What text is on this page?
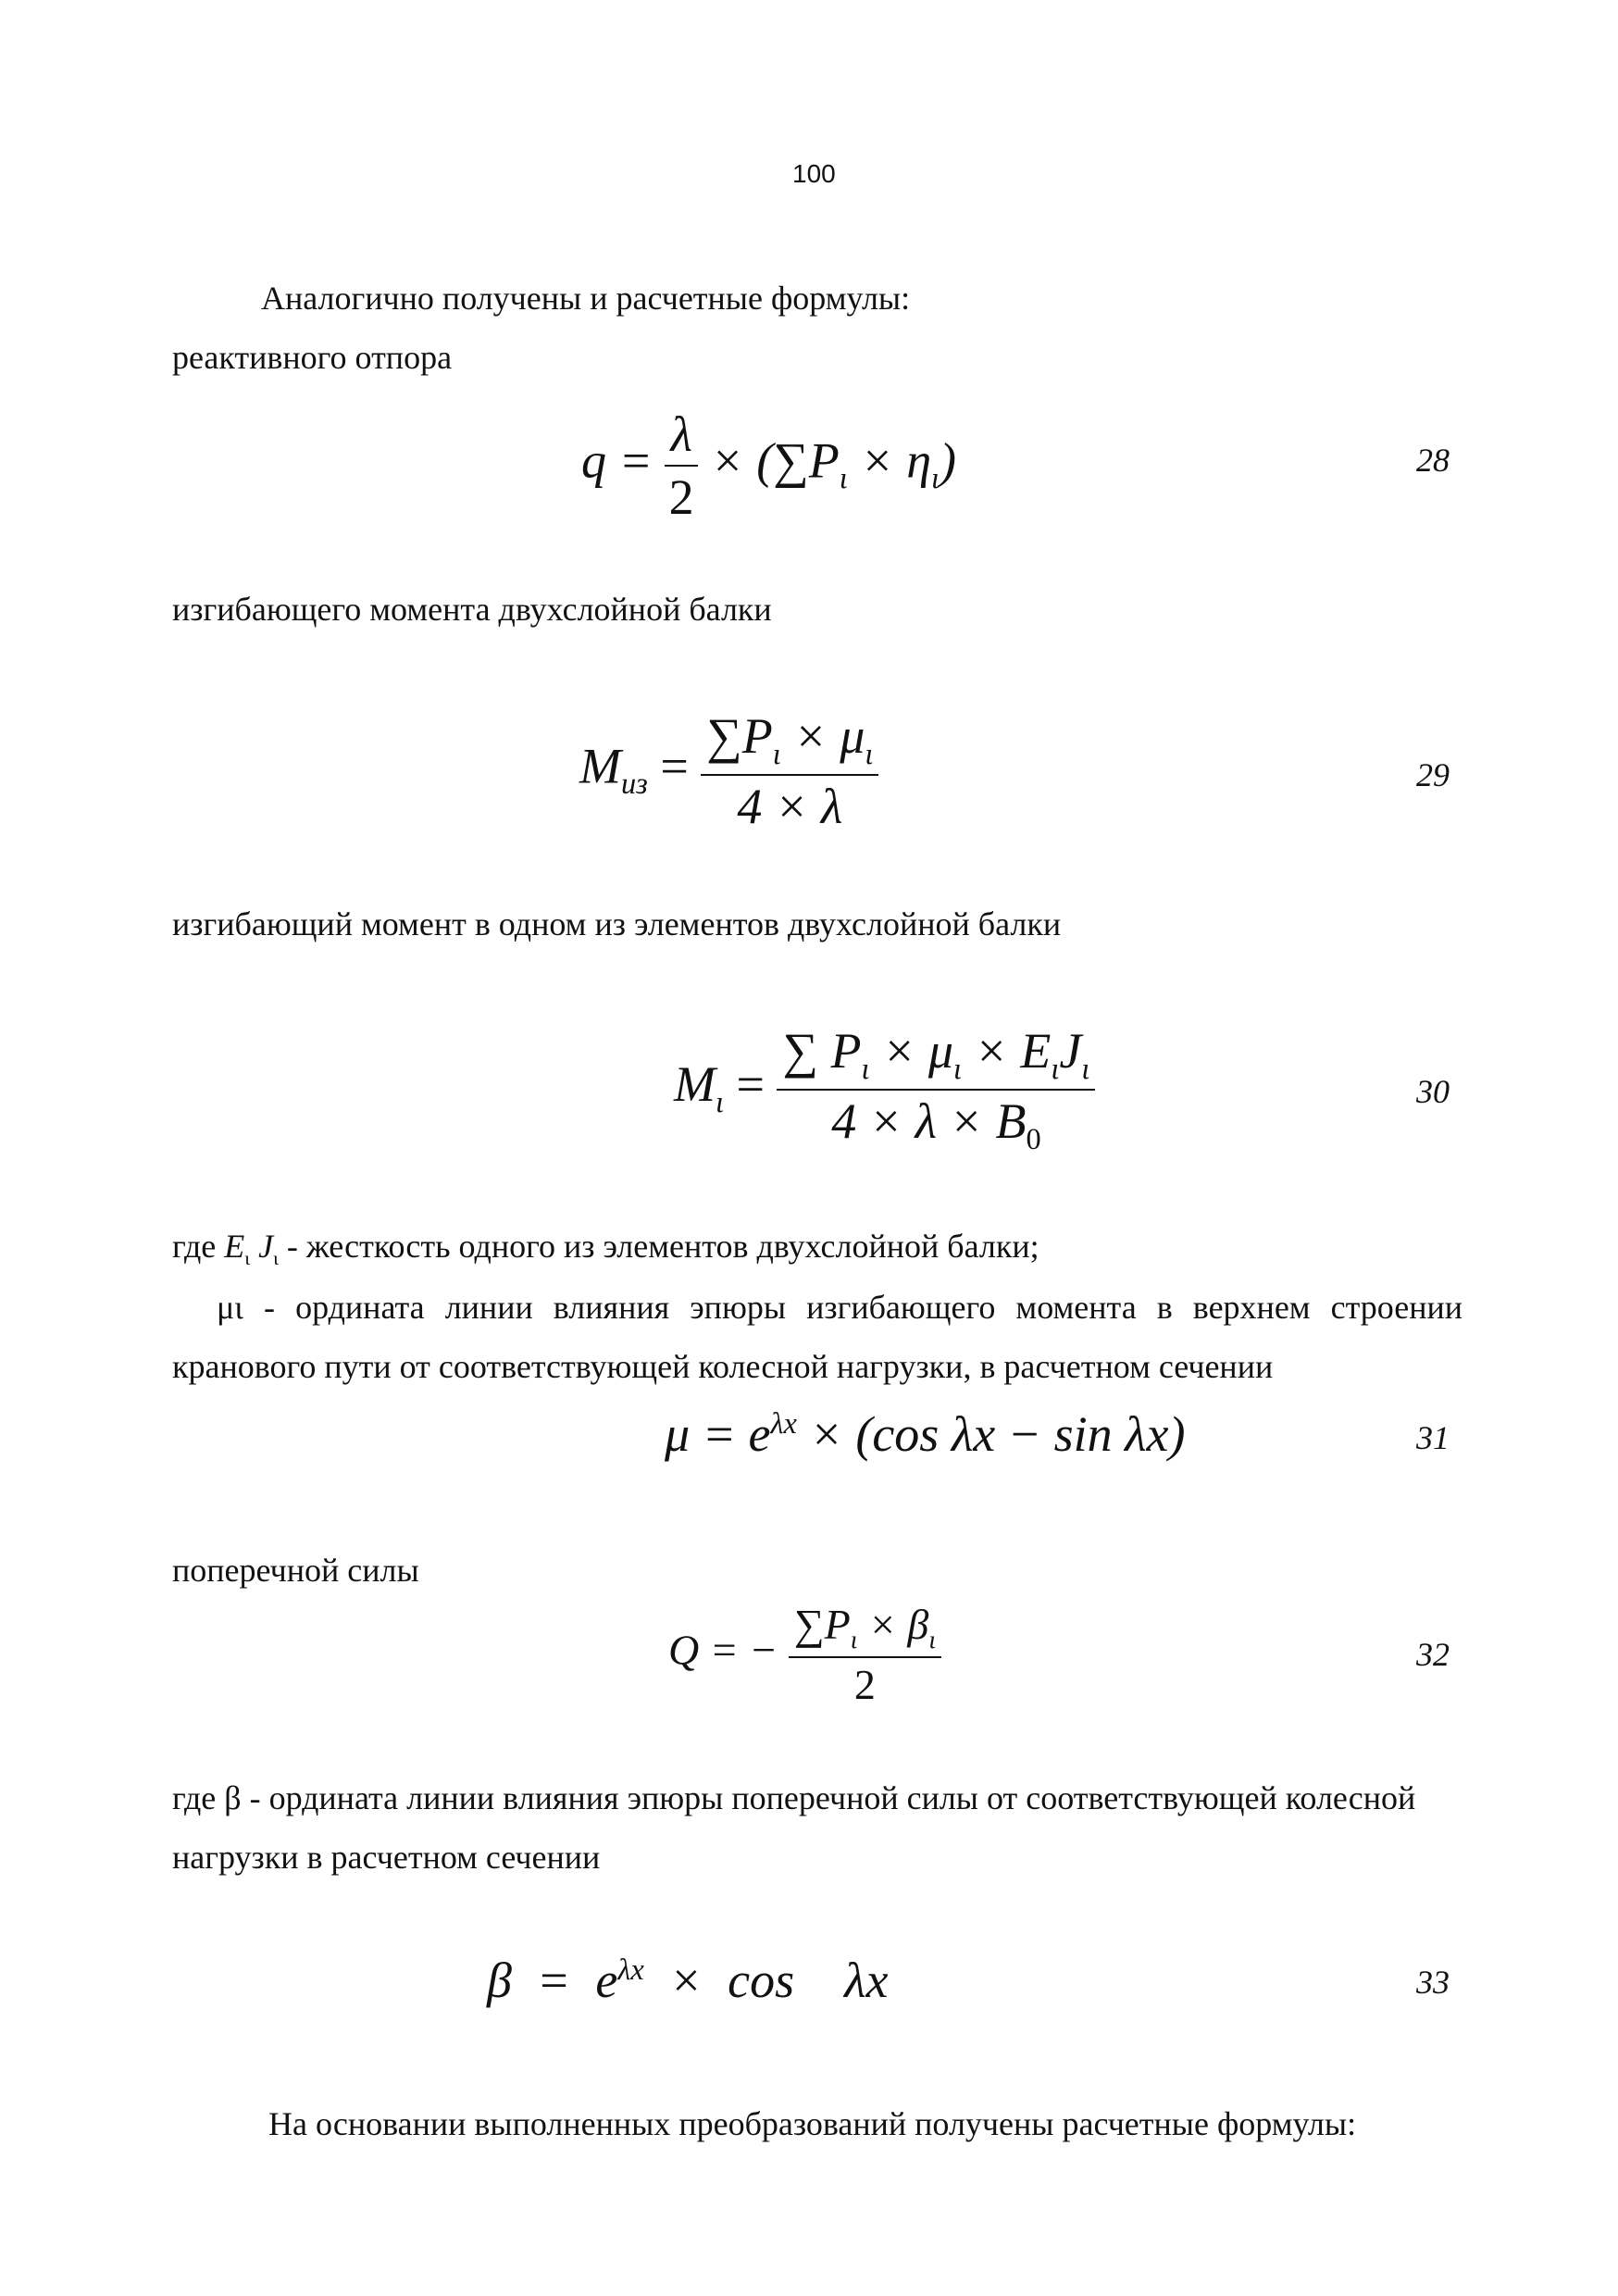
100
Аналогично получены и расчетные формулы:
реактивного отпора
$q = \frac{\lambda}{2} \times (\sum P_\iota \times \eta_\iota)$	28
изгибающего момента двухслойной балки
$M_{из} = \frac{\sum P_\iota \times \mu_\iota}{4 \times \lambda}$	29
изгибающий момент в одном из элементов двухслойной балки
$M_\iota = \frac{\sum P_\iota \times \mu_\iota \times E_\iota J_\iota}{4 \times \lambda \times B_0}$	30
где $E_\iota$ $J_\iota$ - жесткость одного из элементов двухслойной балки;
μι - ордината линии влияния эпюры изгибающего момента в верхнем строении
кранового пути от соответствующей колесной нагрузки, в расчетном сечении
$\mu = e^{\lambda x} \times (\cos$ λx − sin λx)	31
поперечной силы
Q = − $\frac{\sum P_\iota \times \beta_\iota}{2}$	32
где β - ордината линии влияния эпюры поперечной силы от соответствующей колесной
нагрузки в расчетном сечении
$\beta = e^{\lambda x} \times \cos$    λx	33
На основании выполненных преобразований получены расчетные формулы:
